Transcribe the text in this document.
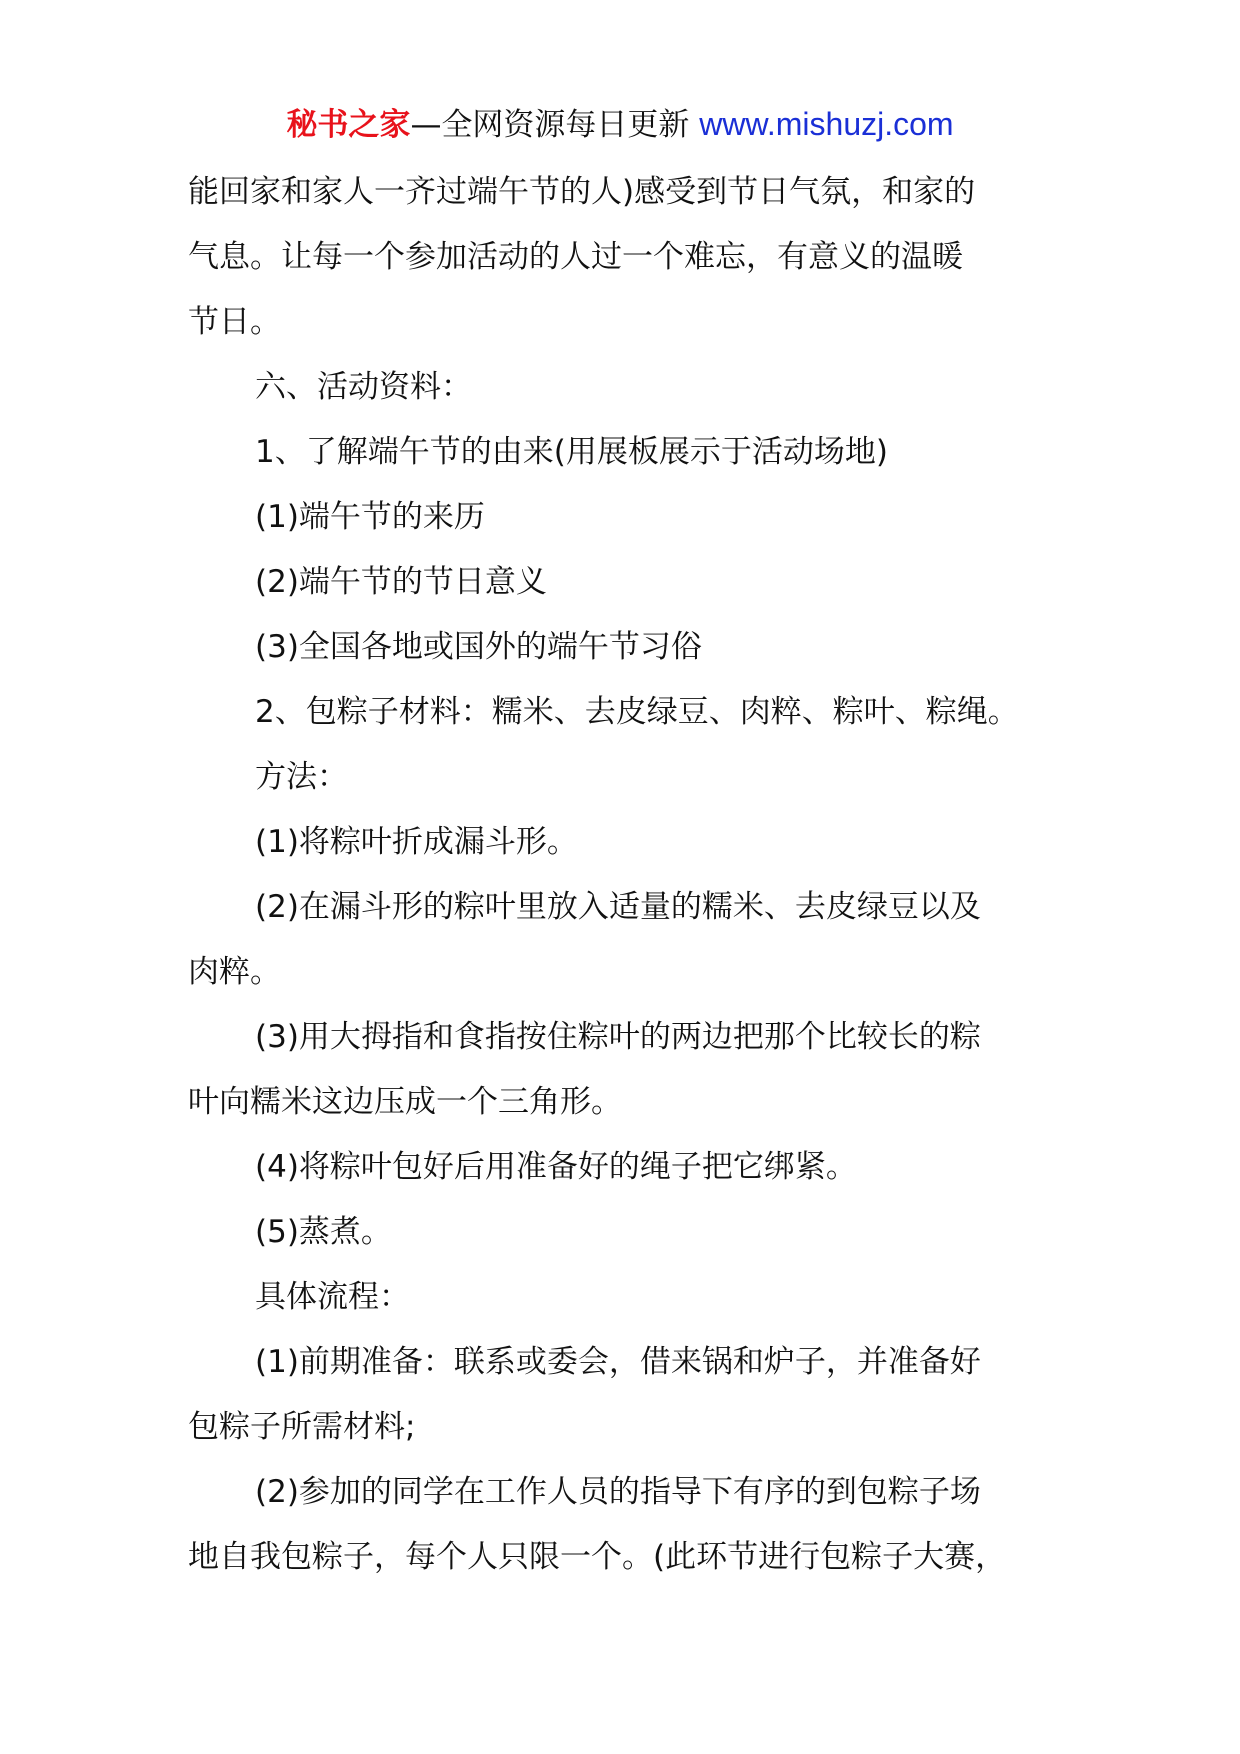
秘书之家—全网资源每日更新 www.mishuzj.com

能回家和家人一齐过端午节的人)感受到节日气氛，和家的

气息。让每一个参加活动的人过一个难忘，有意义的温暖

节日。

六、活动资料：

1、了解端午节的由来(用展板展示于活动场地)

(1)端午节的来历

(2)端午节的节日意义

(3)全国各地或国外的端午节习俗

2、包粽子材料：糯米、去皮绿豆、肉粹、粽叶、粽绳。

方法：

(1)将粽叶折成漏斗形。

(2)在漏斗形的粽叶里放入适量的糯米、去皮绿豆以及

肉粹。

(3)用大拇指和食指按住粽叶的两边把那个比较长的粽

叶向糯米这边压成一个三角形。

(4)将粽叶包好后用准备好的绳子把它绑紧。

(5)蒸煮。

具体流程：

(1)前期准备：联系或委会，借来锅和炉子，并准备好

包粽子所需材料;

(2)参加的同学在工作人员的指导下有序的到包粽子场

地自我包粽子，每个人只限一个。(此环节进行包粽子大赛，
